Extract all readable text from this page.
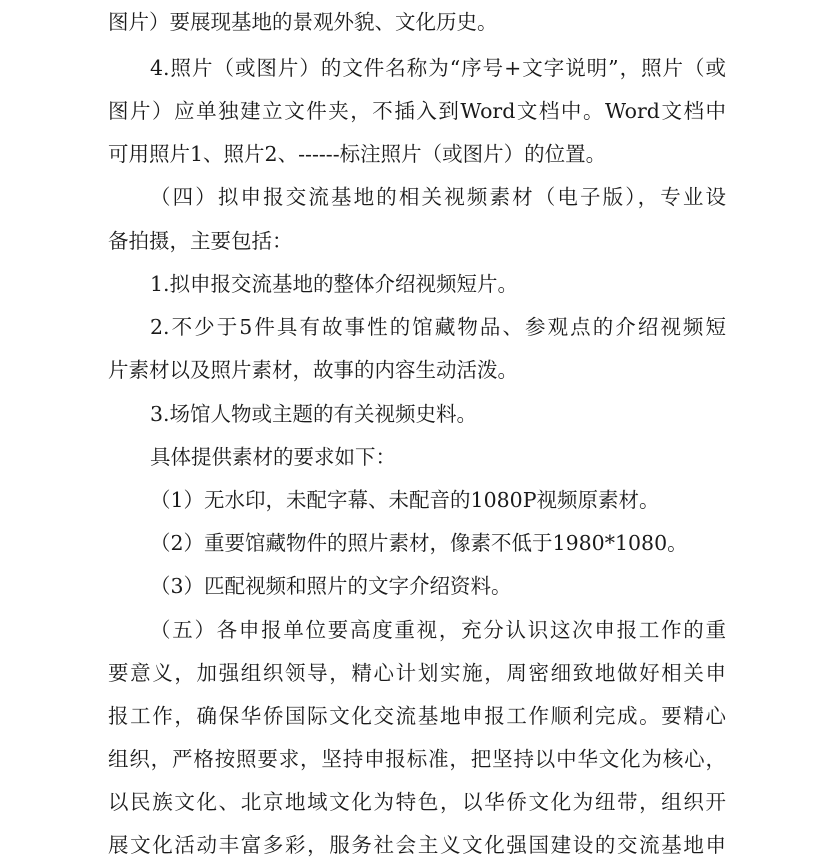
图片）要展现基地的景观外貌、文化历史。
4.照片（或图片）的文件名称为“序号+文字说明”，照片（或
图片）应单独建立文件夹，不插入到Word文档中。Word文档中
可用照片1、照片2、------标注照片（或图片）的位置。
（四）拟申报交流基地的相关视频素材（电子版），专业设
备拍摄，主要包括：
1.拟申报交流基地的整体介绍视频短片。
2.不少于5件具有故事性的馆藏物品、参观点的介绍视频短
片素材以及照片素材，故事的内容生动活泼。
3.场馆人物或主题的有关视频史料。
具体提供素材的要求如下：
（1）无水印，未配字幕、未配音的1080P视频原素材。
（2）重要馆藏物件的照片素材，像素不低于1980*1080。
（3）匹配视频和照片的文字介绍资料。
（五）各申报单位要高度重视，充分认识这次申报工作的重
要意义，加强组织领导，精心计划实施，周密细致地做好相关申
报工作，确保华侨国际文化交流基地申报工作顺利完成。要精心
组织，严格按照要求，坚持申报标准，把坚持以中华文化为核心，
以民族文化、北京地域文化为特色，以华侨文化为纽带，组织开
展文化活动丰富多彩，服务社会主义文化强国建设的交流基地申
